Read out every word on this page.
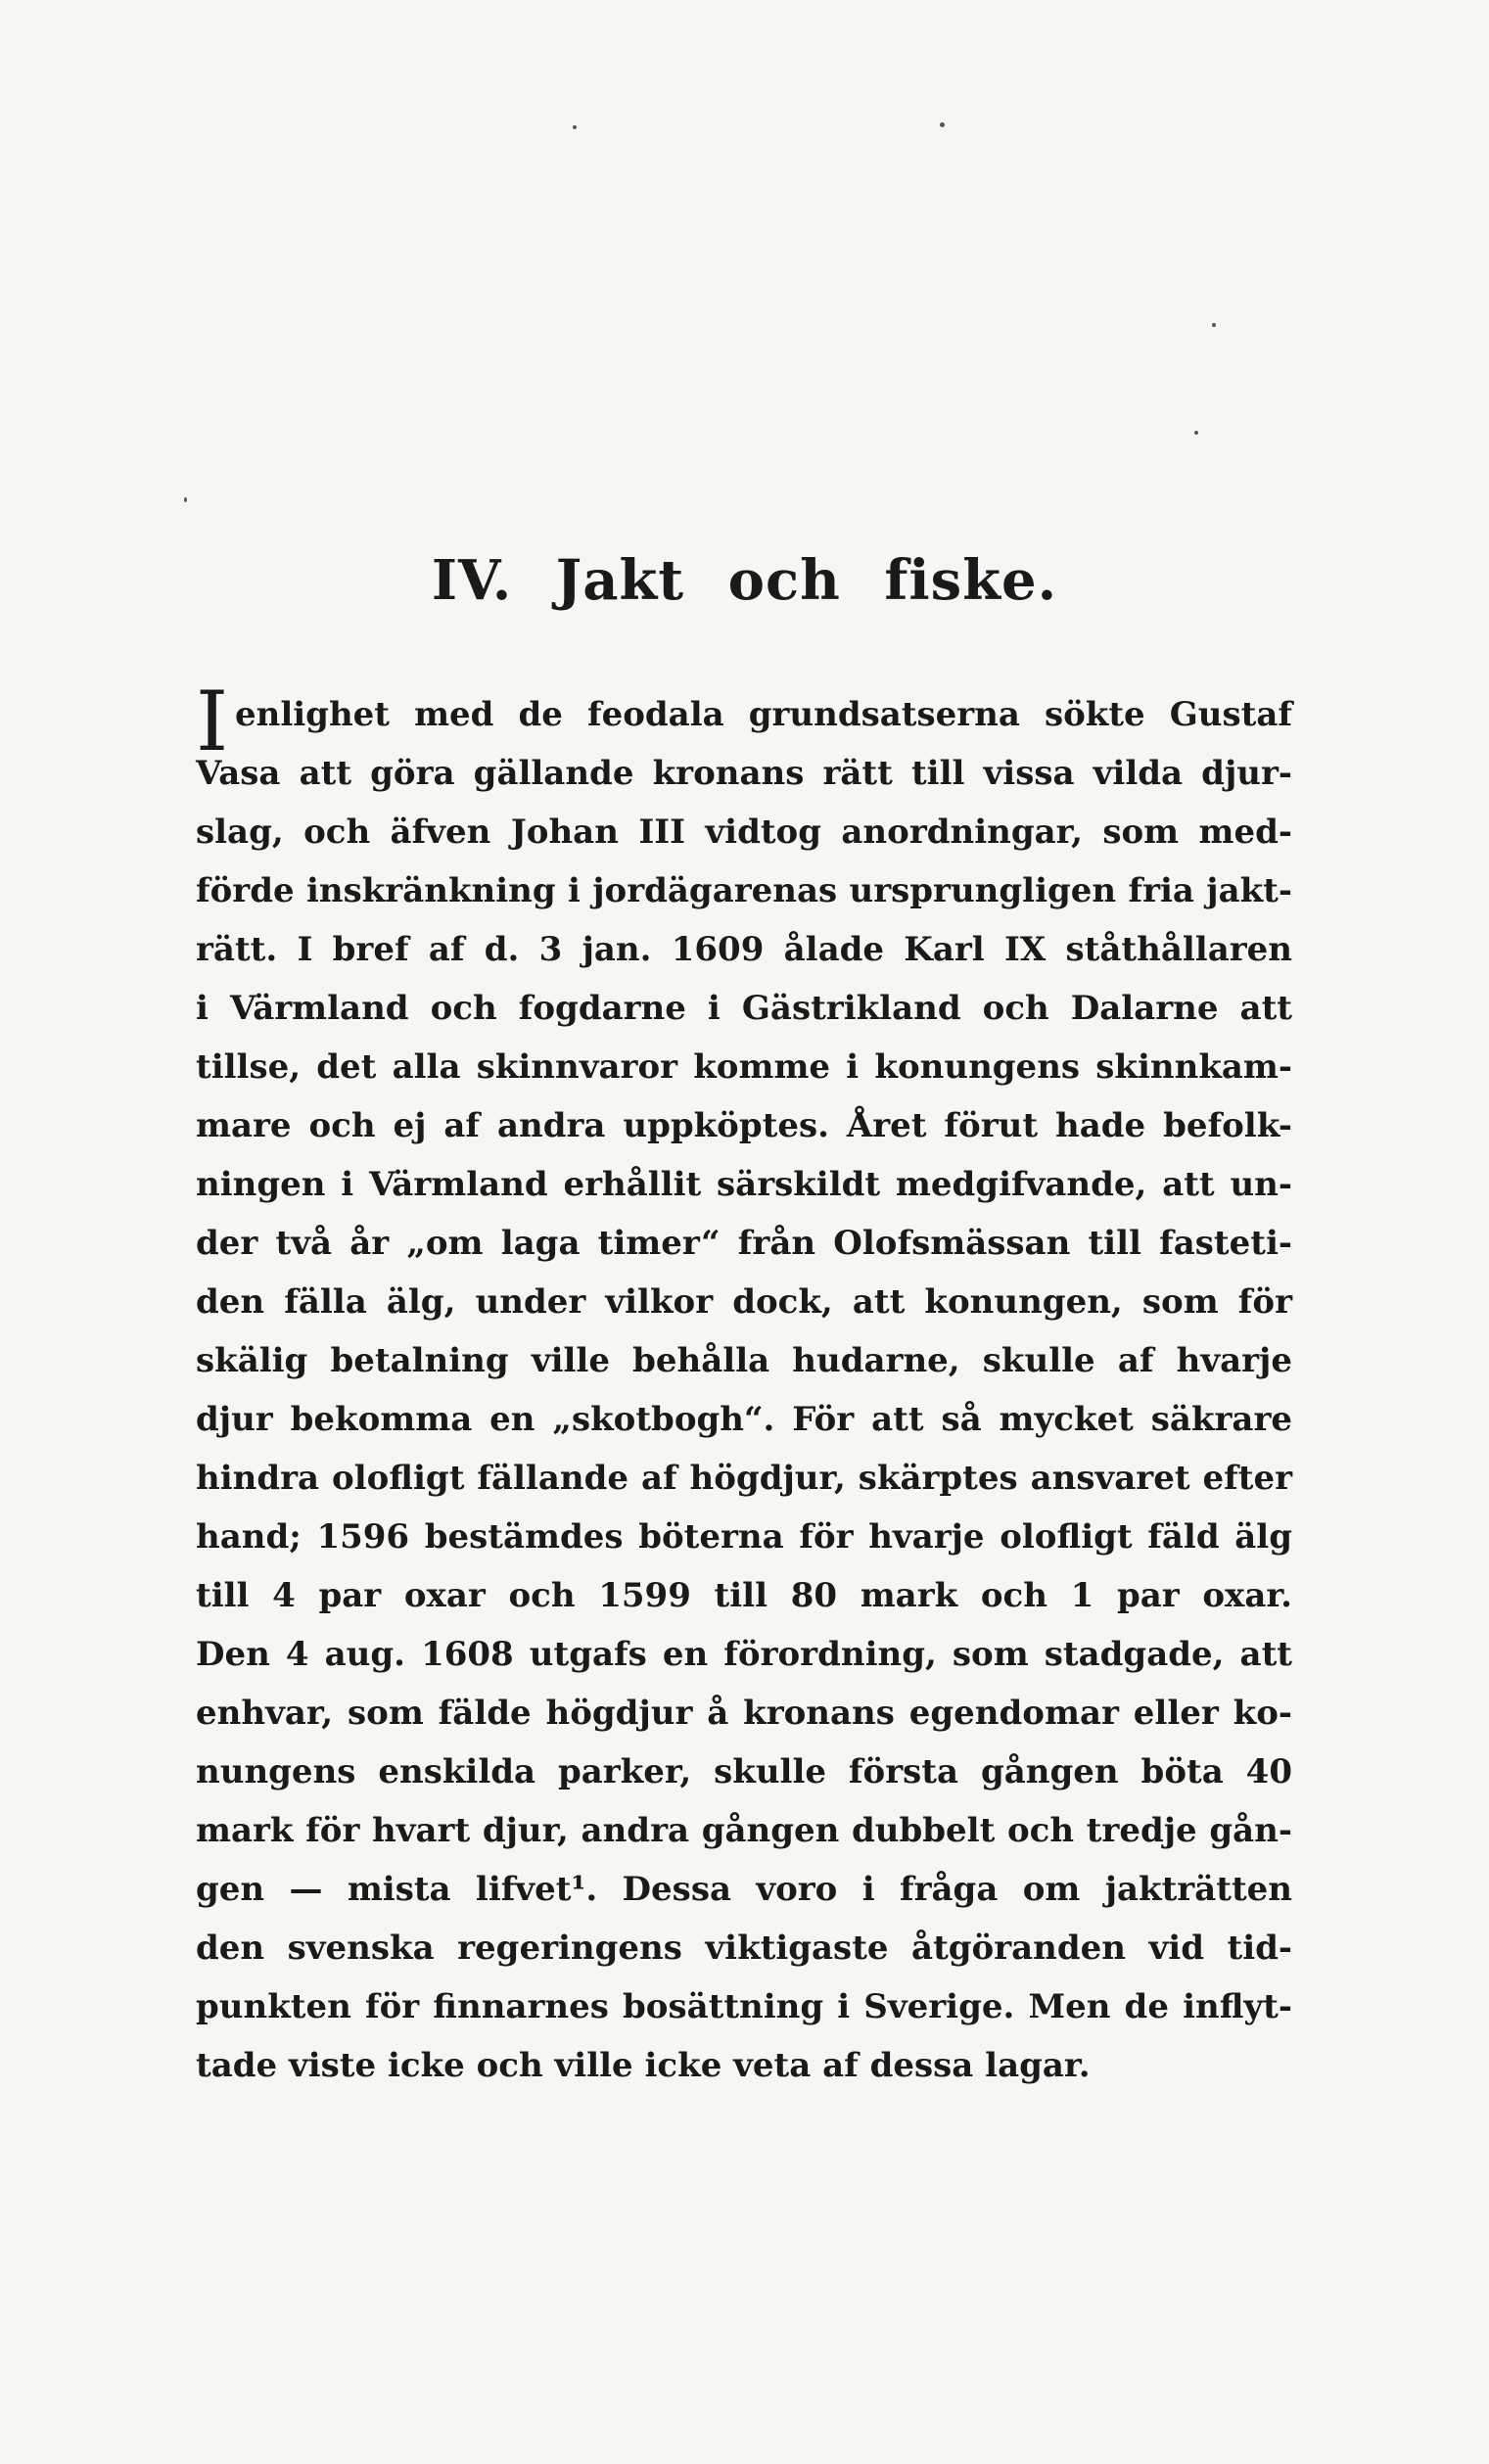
IV. Jakt och fiske.
I enlighet med de feodala grundsatserna sökte Gustaf
Vasa att göra gällande kronans rätt till vissa vilda djur-
slag, och äfven Johan III vidtog anordningar, som med-
förde inskränkning i jordägarenas ursprungligen fria jakt-
rätt. I bref af d. 3 jan. 1609 ålade Karl IX ståthållaren
i Värmland och fogdarne i Gästrikland och Dalarne att
tillse, det alla skinnvaror komme i konungens skinnkam-
mare och ej af andra uppköptes. Året förut hade befolk-
ningen i Värmland erhållit särskildt medgifvande, att un-
der två år „om laga timer“ från Olofsmässan till fasteti-
den fälla älg, under vilkor dock, att konungen, som för
skälig betalning ville behålla hudarne, skulle af hvarje
djur bekomma en „skotbogh“. För att så mycket säkrare
hindra olofligt fällande af högdjur, skärptes ansvaret efter
hand; 1596 bestämdes böterna för hvarje olofligt fäld älg
till 4 par oxar och 1599 till 80 mark och 1 par oxar.
Den 4 aug. 1608 utgafs en förordning, som stadgade, att
enhvar, som fälde högdjur å kronans egendomar eller ko-
nungens enskilda parker, skulle första gången böta 40
mark för hvart djur, andra gången dubbelt och tredje gån-
gen — mista lifvet¹. Dessa voro i fråga om jakträtten
den svenska regeringens viktigaste åtgöranden vid tid-
punkten för finnarnes bosättning i Sverige. Men de inflyt-
tade viste icke och ville icke veta af dessa lagar.
